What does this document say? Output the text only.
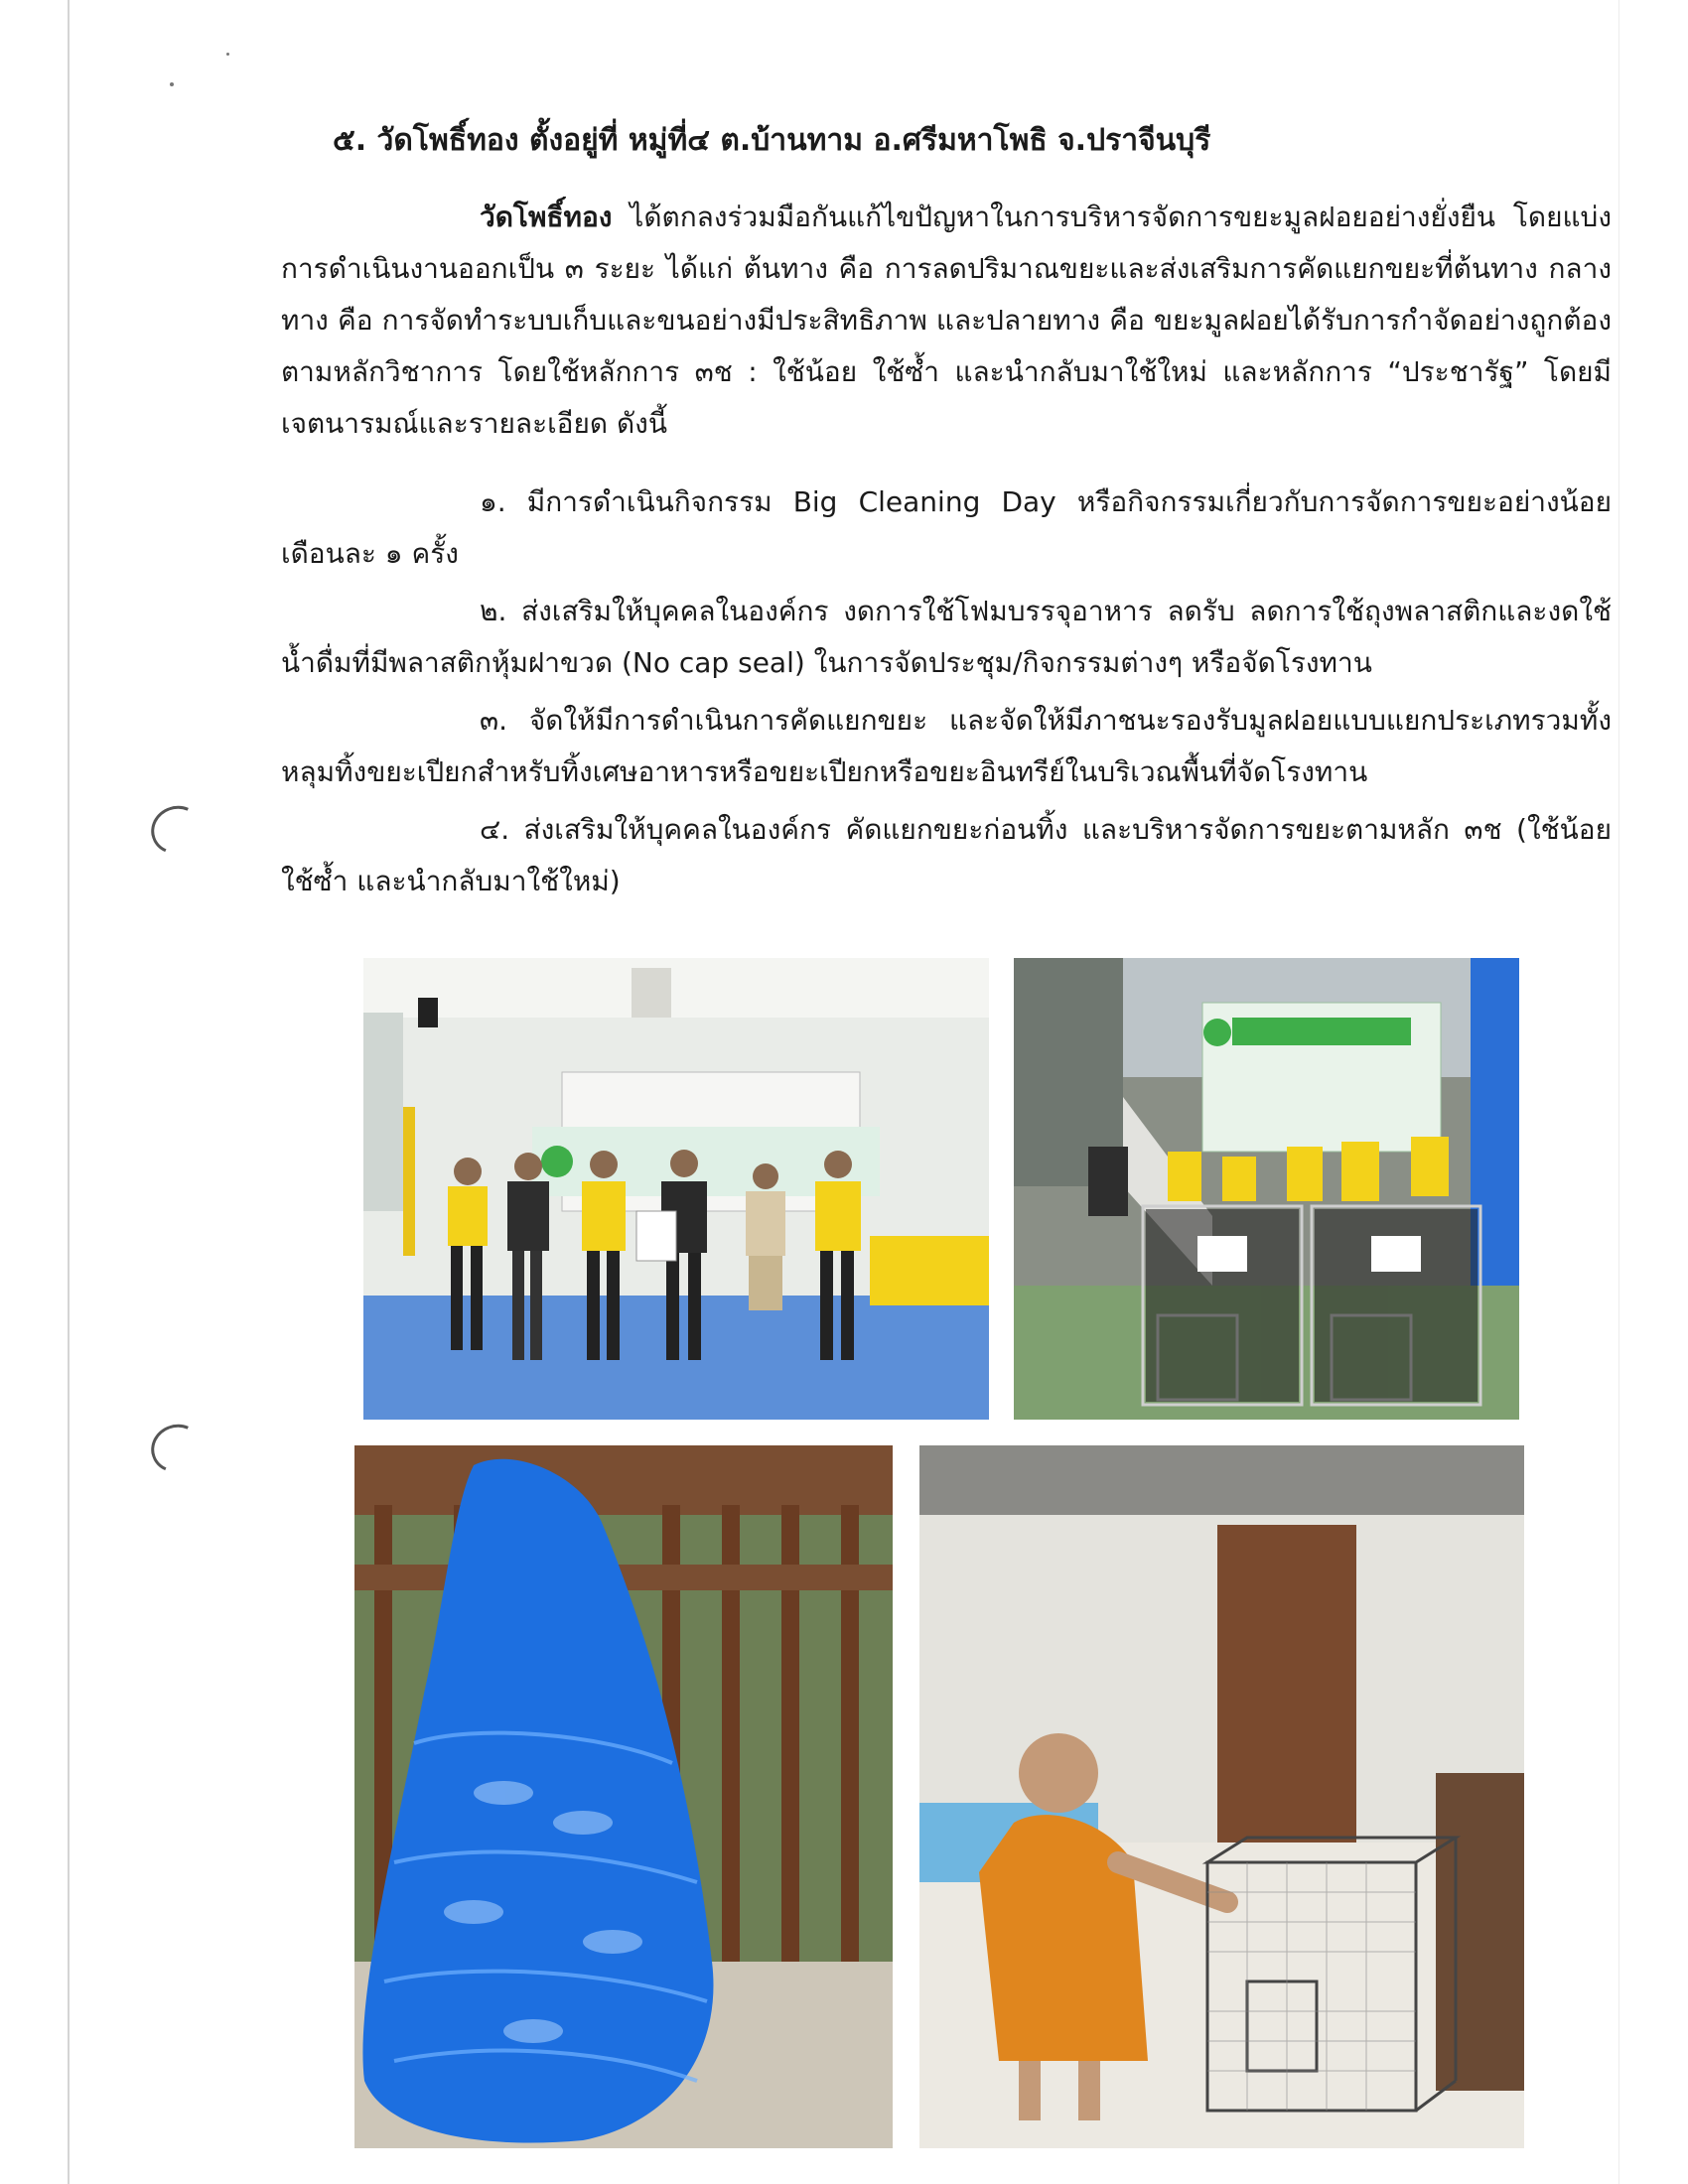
๕. วัดโพธิ์ทอง ตั้งอยู่ที่ หมู่ที่๔ ต.บ้านทาม อ.ศรีมหาโพธิ จ.ปราจีนบุรี

วัดโพธิ์ทอง ได้ตกลงร่วมมือกันแก้ไขปัญหาในการบริหารจัดการขยะมูลฝอยอย่างยั่งยืน โดยแบ่งการดำเนินงานออกเป็น ๓ ระยะ ได้แก่ ต้นทาง คือ การลดปริมาณขยะและส่งเสริมการคัดแยกขยะที่ต้นทาง กลางทาง คือ การจัดทำระบบเก็บและขนอย่างมีประสิทธิภาพ และปลายทาง คือ ขยะมูลฝอยได้รับการกำจัดอย่างถูกต้อง ตามหลักวิชาการ โดยใช้หลักการ ๓ช : ใช้น้อย ใช้ซ้ำ และนำกลับมาใช้ใหม่ และหลักการ “ประชารัฐ” โดยมีเจตนารมณ์และรายละเอียด ดังนี้

๑. มีการดำเนินกิจกรรม Big Cleaning Day หรือกิจกรรมเกี่ยวกับการจัดการขยะอย่างน้อยเดือนละ ๑ ครั้ง

๒. ส่งเสริมให้บุคคลในองค์กร งดการใช้โฟมบรรจุอาหาร ลดรับ ลดการใช้ถุงพลาสติกและงดใช้น้ำดื่มที่มีพลาสติกหุ้มฝาขวด (No cap seal) ในการจัดประชุม/กิจกรรมต่างๆ หรือจัดโรงทาน

๓. จัดให้มีการดำเนินการคัดแยกขยะ และจัดให้มีภาชนะรองรับมูลฝอยแบบแยกประเภทรวมทั้งหลุมทิ้งขยะเปียกสำหรับทิ้งเศษอาหารหรือขยะเปียกหรือขยะอินทรีย์ในบริเวณพื้นที่จัดโรงทาน

๔. ส่งเสริมให้บุคคลในองค์กร คัดแยกขยะก่อนทิ้ง และบริหารจัดการขยะตามหลัก ๓ช (ใช้น้อย ใช้ซ้ำ และนำกลับมาใช้ใหม่)
